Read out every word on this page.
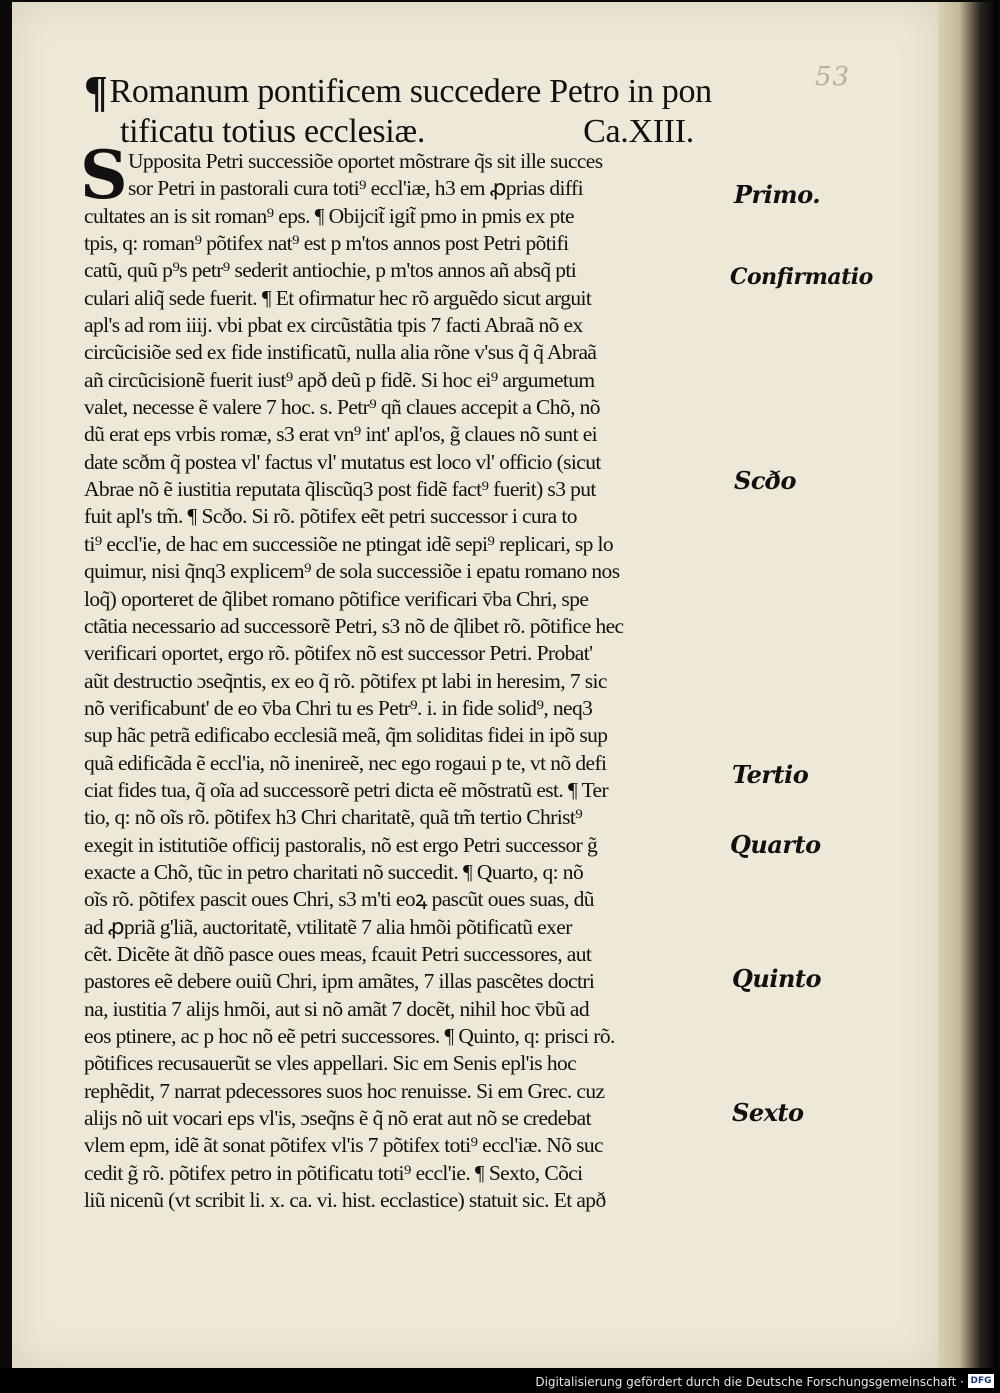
53
¶Romanum pontificem succedere Petro in pon
tificatu totius ecclesiæ.	Ca.XIII.
S Upposita Petri successiõe oportet mõstrare q̃s sit ille succes
sor Petri in pastorali cura toti⁹ eccl'iæ, h3 em ꝓprias diffi
cultates an is sit roman⁹ eps. ¶ Obijcit̃ igit̃ pmo in pmis ex pte
tpis, q: roman⁹ põtifex nat⁹ est p m'tos annos post Petri põtifi
catũ, quũ p⁹s petr⁹ sederit antiochie, p m'tos annos añ absq̃ pti
culari aliq̃ sede fuerit. ¶ Et ofirmatur hec rõ arguẽdo sicut arguit
apl's ad rom iiij. vbi pbat ex circũstãtia tpis 7 facti Abraã nõ ex
circũcisiõe sed ex fide instificatũ, nulla alia rõne v'sus q̃ q̃ Abraã
añ circũcisionẽ fuerit iust⁹ apð deũ p fidẽ. Si hoc ei⁹ argumetum
valet, necesse ẽ valere 7 hoc. s. Petr⁹ qñ claues accepit a Chõ, nõ
dũ erat eps vrbis romæ, s3 erat vn⁹ int' apl'os, g̃ claues nõ sunt ei
date scðm q̃ postea vl' factus vl' mutatus est loco vl' officio (sicut
Abrae nõ ẽ iustitia reputata q̃liscũq3 post fidẽ fact⁹ fuerit) s3 put
fuit apl's tm̃. ¶ Scðo. Si rõ. põtifex eẽt petri successor i cura to
ti⁹ eccl'ie, de hac em successiõe ne ptingat idẽ sepi⁹ replicari, sp lo
quimur, nisi q̃nq3 explicem⁹ de sola successiõe i epatu romano nos
loq̃) oporteret de q̃libet romano põtifice verificari v̄ba Chri, spe
ctãtia necessario ad successorẽ Petri, s3 nõ de q̃libet rõ. põtifice hec
verificari oportet, ergo rõ. põtifex nõ est successor Petri. Probat'
aũt destructio ɔseq̃ntis, ex eo q̃ rõ. põtifex pt labi in heresim, 7 sic
nõ verificabunt' de eo v̄ba Chri tu es Petr⁹. i. in fide solid⁹, neq3
sup hãc petrã edificabo ecclesiã meã, q̃m soliditas fidei in ipõ sup
quã edificãda ẽ eccl'ia, nõ inenireẽ, nec ego rogaui p te, vt nõ defi
ciat fides tua, q̃ oĩa ad successorẽ petri dicta eẽ mõstratũ est. ¶ Ter
tio, q: nõ oĩs rõ. põtifex h3 Chri charitatẽ, quã tm̃ tertio Christ⁹
exegit in istitutiõe officij pastoralis, nõ est ergo Petri successor g̃
exacte a Chõ, tũc in petro charitati nõ succedit. ¶ Quarto, q: nõ
oĩs rõ. põtifex pascit oues Chri, s3 m'ti eoꝝ pascũt oues suas, dũ
ad ꝓpriã g'liã, auctoritatẽ, vtilitatẽ 7 alia hmõi põtificatũ exer
cẽt. Dicẽte ãt dñõ pasce oues meas, fcauit Petri successores, aut
pastores eẽ debere ouiũ Chri, ipm amãtes, 7 illas pascẽtes doctri
na, iustitia 7 alijs hmõi, aut si nõ amãt 7 docẽt, nihil hoc v̄bũ ad
eos ptinere, ac p hoc nõ eẽ petri successores. ¶ Quinto, q: prisci rõ.
põtifices recusauerũt se vles appellari. Sic em Senis epl'is hoc
rephẽdit, 7 narrat pdecessores suos hoc renuisse. Si em Grec. cuz
alijs nõ uit vocari eps vl'is, ɔseq̃ns ẽ q̃ nõ erat aut nõ se credebat
vlem epm, idẽ ãt sonat põtifex vl'is 7 põtifex toti⁹ eccl'iæ. Nõ suc
cedit g̃ rõ. põtifex petro in põtificatu toti⁹ eccl'ie. ¶ Sexto, Cõci
liũ nicenũ (vt scribit li. x. ca. vi. hist. ecclastice) statuit sic. Et apð
Primo.
Confirmatio
Scðo
Tertio
Quarto
Quinto
Sexto
Digitalisierung gefördert durch die Deutsche Forschungsgemeinschaft · DFG
